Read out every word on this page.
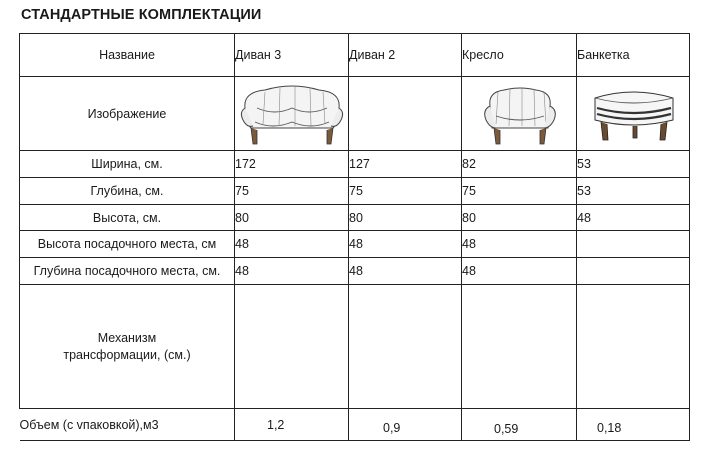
СТАНДАРТНЫЕ КОМПЛЕКТАЦИИ
Название	Диван 3	Диван 2	Кресло	Банкетка
Изображение	

Ширина, см.	172	127	82	53
Глубина, см.	75	75	75	53
Высота, см.	80	80	80	48
Высота посадочного места, см	48	48	48	
Глубина посадочного места, см.	48	48	48	

Механизм
трансформации, (см.)				

Объем (с vпаковкой),м3	1,2	0,9	0,59	0,18
